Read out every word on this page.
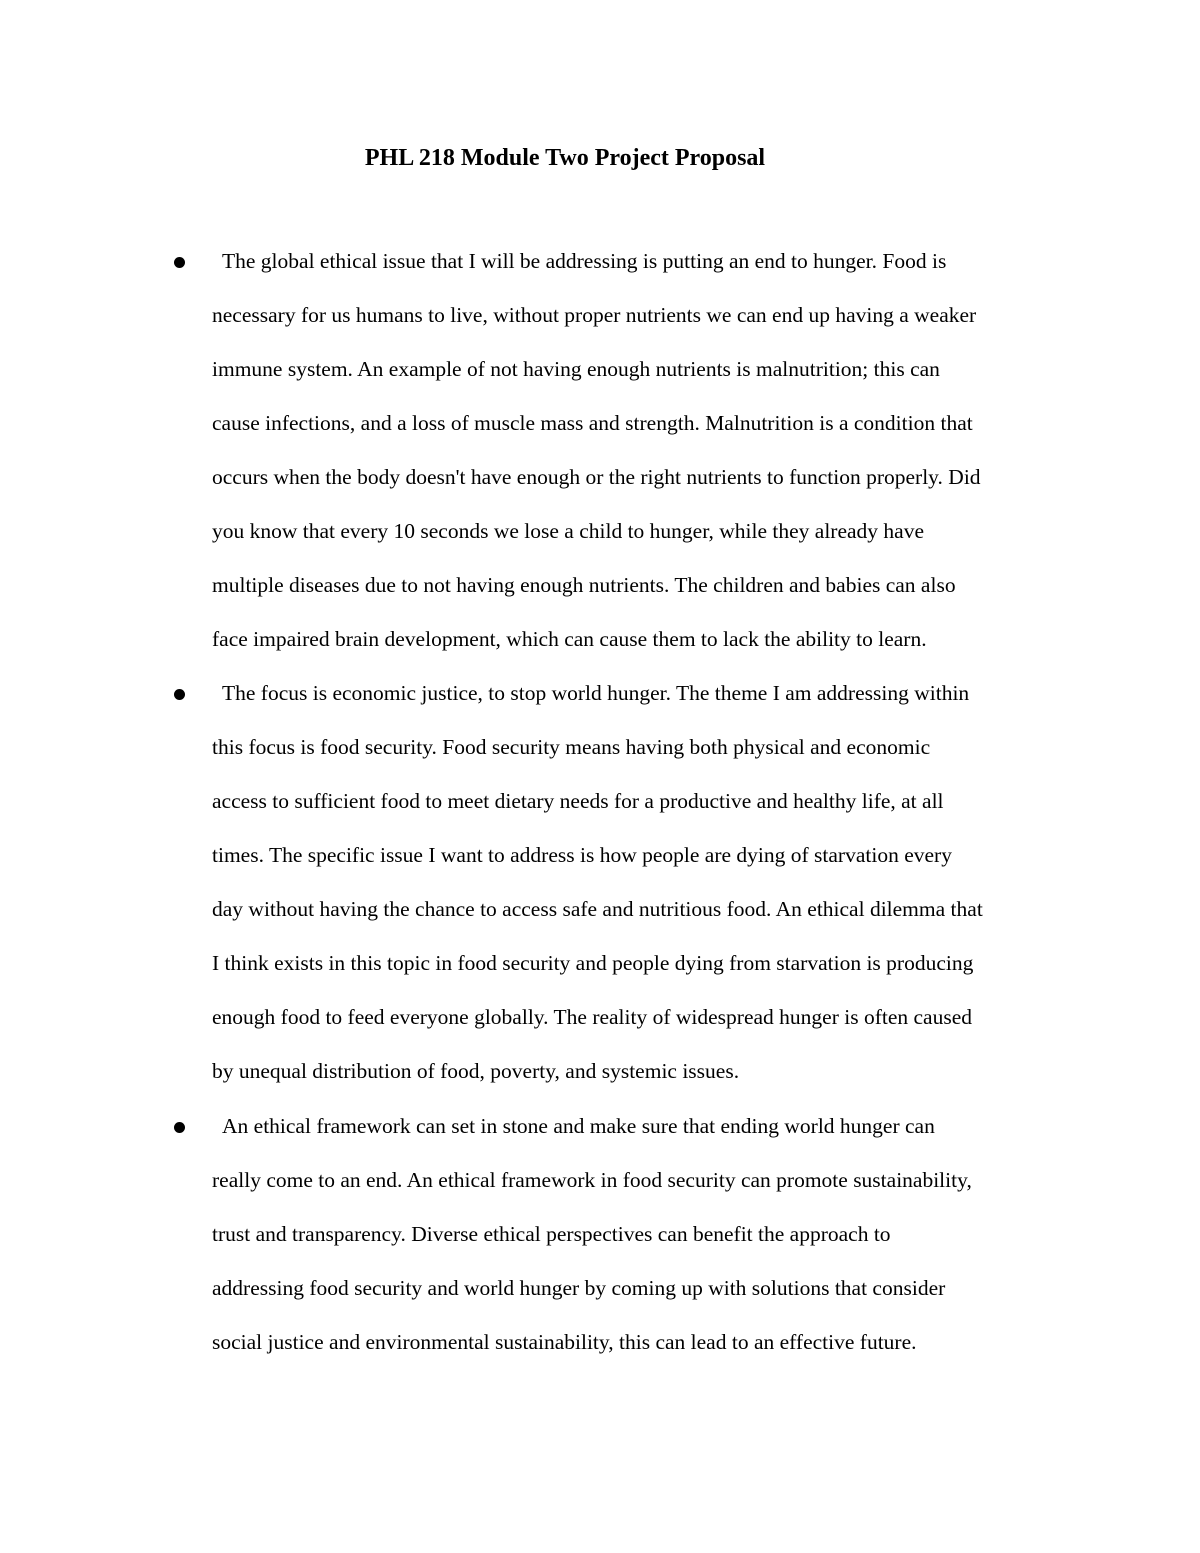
PHL 218 Module Two Project Proposal
The global ethical issue that I will be addressing is putting an end to hunger. Food is
necessary for us humans to live, without proper nutrients we can end up having a weaker
immune system. An example of not having enough nutrients is malnutrition; this can
cause infections, and a loss of muscle mass and strength. Malnutrition is a condition that
occurs when the body doesn't have enough or the right nutrients to function properly. Did
you know that every 10 seconds we lose a child to hunger, while they already have
multiple diseases due to not having enough nutrients. The children and babies can also
face impaired brain development, which can cause them to lack the ability to learn.
The focus is economic justice, to stop world hunger. The theme I am addressing within
this focus is food security. Food security means having both physical and economic
access to sufficient food to meet dietary needs for a productive and healthy life, at all
times. The specific issue I want to address is how people are dying of starvation every
day without having the chance to access safe and nutritious food. An ethical dilemma that
I think exists in this topic in food security and people dying from starvation is producing
enough food to feed everyone globally. The reality of widespread hunger is often caused
by unequal distribution of food, poverty, and systemic issues.
An ethical framework can set in stone and make sure that ending world hunger can
really come to an end. An ethical framework in food security can promote sustainability,
trust and transparency. Diverse ethical perspectives can benefit the approach to
addressing food security and world hunger by coming up with solutions that consider
social justice and environmental sustainability, this can lead to an effective future.
